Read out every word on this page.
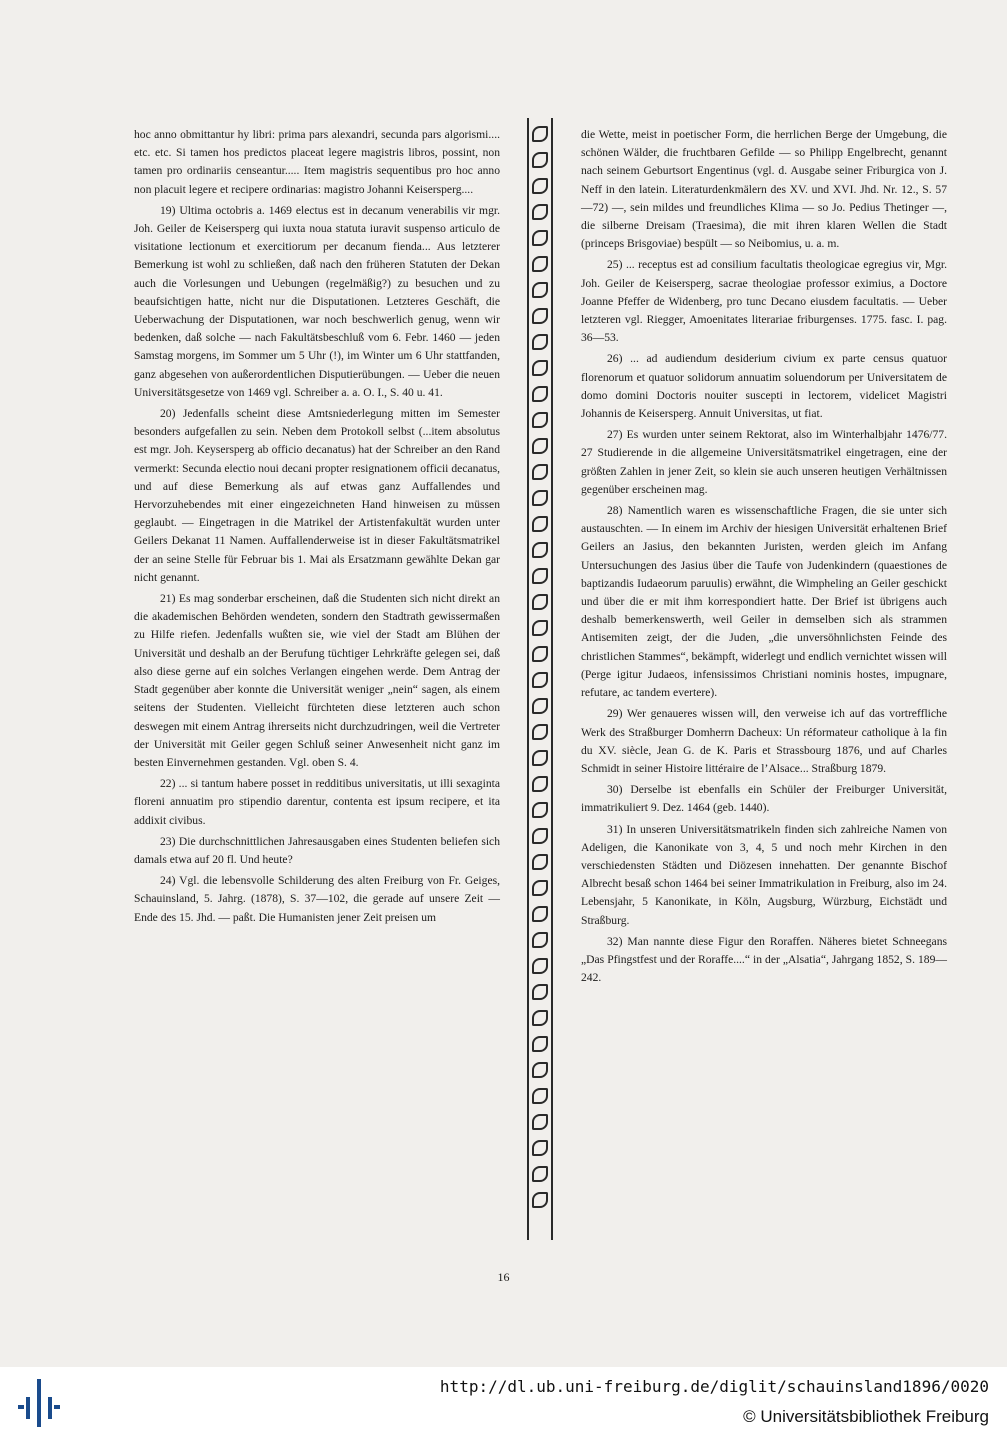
hoc anno obmittantur hy libri: prima pars alexandri, secunda pars algorismi.... etc. etc. Si tamen hos predictos placeat legere magistris libros, possint, non tamen pro ordinariis censeantur..... Item magistris sequentibus pro hoc anno non placuit legere et recipere ordinarias: magistro Johanni Keisersperg....

19) Ultima octobris a. 1469 electus est in decanum venerabilis vir mgr. Joh. Geiler de Keisersperg qui iuxta noua statuta iuravit suspenso articulo de visitatione lectionum et exercitiorum per decanum fienda... Aus letzterer Bemerkung ist wohl zu schließen, daß nach den früheren Statuten der Dekan auch die Vorlesungen und Uebungen (regelmäßig?) zu besuchen und zu beaufsichtigen hatte, nicht nur die Disputationen. Letzteres Geschäft, die Ueberwachung der Disputationen, war noch beschwerlich genug, wenn wir bedenken, daß solche — nach Fakultätsbeschluß vom 6. Febr. 1460 — jeden Samstag morgens, im Sommer um 5 Uhr (!), im Winter um 6 Uhr stattfanden, ganz abgesehen von außerordentlichen Disputierübungen. — Ueber die neuen Universitätsgesetze von 1469 vgl. Schreiber a. a. O. I., S. 40 u. 41.

20) Jedenfalls scheint diese Amtsniederlegung mitten im Semester besonders aufgefallen zu sein. Neben dem Protokoll selbst (...item absolutus est mgr. Joh. Keysersperg ab officio decanatus) hat der Schreiber an den Rand vermerkt: Secunda electio noui decani propter resignationem officii decanatus, und auf diese Bemerkung als auf etwas ganz Auffallendes und Hervorzuhebendes mit einer eingezeichneten Hand hinweisen zu müssen geglaubt. — Eingetragen in die Matrikel der Artistenfakultät wurden unter Geilers Dekanat 11 Namen. Auffallenderweise ist in dieser Fakultätsmatrikel der an seine Stelle für Februar bis 1. Mai als Ersatzmann gewählte Dekan gar nicht genannt.

21) Es mag sonderbar erscheinen, daß die Studenten sich nicht direkt an die akademischen Behörden wendeten, sondern den Stadtrath gewissermaßen zu Hilfe riefen. Jedenfalls wußten sie, wie viel der Stadt am Blühen der Universität und deshalb an der Berufung tüchtiger Lehrkräfte gelegen sei, daß also diese gerne auf ein solches Verlangen eingehen werde. Dem Antrag der Stadt gegenüber aber konnte die Universität weniger „nein“ sagen, als einem seitens der Studenten. Vielleicht fürchteten diese letzteren auch schon deswegen mit einem Antrag ihrerseits nicht durchzudringen, weil die Vertreter der Universität mit Geiler gegen Schluß seiner Anwesenheit nicht ganz im besten Einvernehmen gestanden. Vgl. oben S. 4.

22) ... si tantum habere posset in redditibus universitatis, ut illi sexaginta floreni annuatim pro stipendio darentur, contenta est ipsum recipere, et ita addixit civibus.

23) Die durchschnittlichen Jahresausgaben eines Studenten beliefen sich damals etwa auf 20 fl. Und heute?

24) Vgl. die lebensvolle Schilderung des alten Freiburg von Fr. Geiges, Schauinsland, 5. Jahrg. (1878), S. 37—102, die gerade auf unsere Zeit — Ende des 15. Jhd. — paßt. Die Humanisten jener Zeit preisen um

die Wette, meist in poetischer Form, die herrlichen Berge der Umgebung, die schönen Wälder, die fruchtbaren Gefilde — so Philipp Engelbrecht, genannt nach seinem Geburtsort Engentinus (vgl. d. Ausgabe seiner Friburgica von J. Neff in den latein. Literaturdenkmälern des XV. und XVI. Jhd. Nr. 12., S. 57—72) —, sein mildes und freundliches Klima — so Jo. Pedius Thetinger —, die silberne Dreisam (Traesima), die mit ihren klaren Wellen die Stadt (princeps Brisgoviae) bespült — so Neibomius, u. a. m.

25) ... receptus est ad consilium facultatis theologicae egregius vir, Mgr. Joh. Geiler de Keisersperg, sacrae theologiae professor eximius, a Doctore Joanne Pfeffer de Widenberg, pro tunc Decano eiusdem facultatis. — Ueber letzteren vgl. Riegger, Amoenitates literariae friburgenses. 1775. fasc. I. pag. 36—53.

26) ... ad audiendum desiderium civium ex parte census quatuor florenorum et quatuor solidorum annuatim soluendorum per Universitatem de domo domini Doctoris nouiter suscepti in lectorem, videlicet Magistri Johannis de Keisersperg. Annuit Universitas, ut fiat.

27) Es wurden unter seinem Rektorat, also im Winterhalbjahr 1476/77. 27 Studierende in die allgemeine Universitätsmatrikel eingetragen, eine der größten Zahlen in jener Zeit, so klein sie auch unseren heutigen Verhältnissen gegenüber erscheinen mag.

28) Namentlich waren es wissenschaftliche Fragen, die sie unter sich austauschten. — In einem im Archiv der hiesigen Universität erhaltenen Brief Geilers an Jasius, den bekannten Juristen, werden gleich im Anfang Untersuchungen des Jasius über die Taufe von Judenkindern (quaestiones de baptizandis Iudaeorum paruulis) erwähnt, die Wimpheling an Geiler geschickt und über die er mit ihm korrespondiert hatte. Der Brief ist übrigens auch deshalb bemerkenswerth, weil Geiler in demselben sich als strammen Antisemiten zeigt, der die Juden, „die unversöhnlichsten Feinde des christlichen Stammes“, bekämpft, widerlegt und endlich vernichtet wissen will (Perge igitur Judaeos, infensissimos Christiani nominis hostes, impugnare, refutare, ac tandem evertere).

29) Wer genaueres wissen will, den verweise ich auf das vortreffliche Werk des Straßburger Domherrn Dacheux: Un réformateur catholique à la fin du XV. siècle, Jean G. de K. Paris et Strassbourg 1876, und auf Charles Schmidt in seiner Histoire littéraire de l’Alsace... Straßburg 1879.

30) Derselbe ist ebenfalls ein Schüler der Freiburger Universität, immatrikuliert 9. Dez. 1464 (geb. 1440).

31) In unseren Universitätsmatrikeln finden sich zahlreiche Namen von Adeligen, die Kanonikate von 3, 4, 5 und noch mehr Kirchen in den verschiedensten Städten und Diözesen innehatten. Der genannte Bischof Albrecht besaß schon 1464 bei seiner Immatrikulation in Freiburg, also im 24. Lebensjahr, 5 Kanonikate, in Köln, Augsburg, Würzburg, Eichstädt und Straßburg.

32) Man nannte diese Figur den Roraffen. Näheres bietet Schneegans „Das Pfingstfest und der Roraffe....“ in der „Alsatia“, Jahrgang 1852, S. 189—242.

16
http://dl.ub.uni-freiburg.de/diglit/schauinsland1896/0020
© Universitätsbibliothek Freiburg
